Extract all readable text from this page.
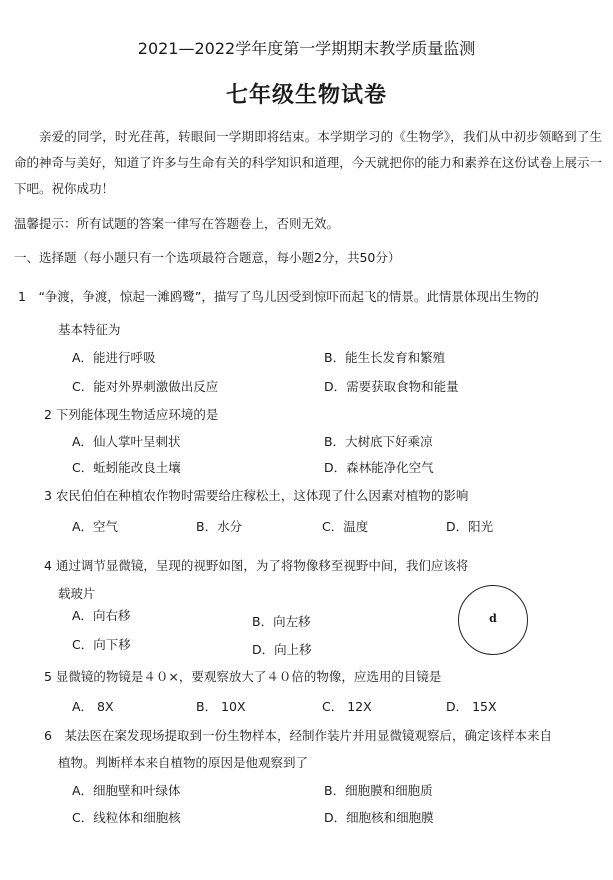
2021—2022学年度第一学期期末教学质量监测
七年级生物试卷

亲爱的同学，时光荏苒，转眼间一学期即将结束。本学期学习的《生物学》，我们从中初步领略到了生命的神奇与美好，知道了许多与生命有关的科学知识和道理，今天就把你的能力和素养在这份试卷上展示一下吧。祝你成功！

温馨提示：所有试题的答案一律写在答题卷上，否则无效。
一、选择题（每小题只有一个选项最符合题意，每小题2分，共50分）
1　“争渡，争渡，惊起一滩鸥鹭”，描写了鸟儿因受到惊吓而起飞的情景。此情景体现出生物的
基本特征为
A．能进行呼吸	B．能生长发育和繁殖
C．能对外界刺激做出反应	D．需要获取食物和能量
2 下列能体现生物适应环境的是
A．仙人掌叶呈刺状	B．大树底下好乘凉
C．蚯蚓能改良土壤	D．森林能净化空气
3 农民伯伯在种植农作物时需要给庄稼松土，这体现了什么因素对植物的影响
A．空气	B．水分	C．温度	D．阳光
4 通过调节显微镜，呈现的视野如图，为了将物像移至视野中间，我们应该将
载玻片
A．向右移	B．向左移
C．向下移	D．向上移
d
5 显微镜的物镜是４０×，要观察放大了４０倍的物像，应选用的目镜是
A． 8X	B． 10X	C． 12X	D． 15X
6　某法医在案发现场提取到一份生物样本，经制作装片并用显微镜观察后，确定该样本来自
植物。判断样本来自植物的原因是他观察到了
A．细胞壁和叶绿体	B．细胞膜和细胞质
C．线粒体和细胞核	D．细胞核和细胞膜
